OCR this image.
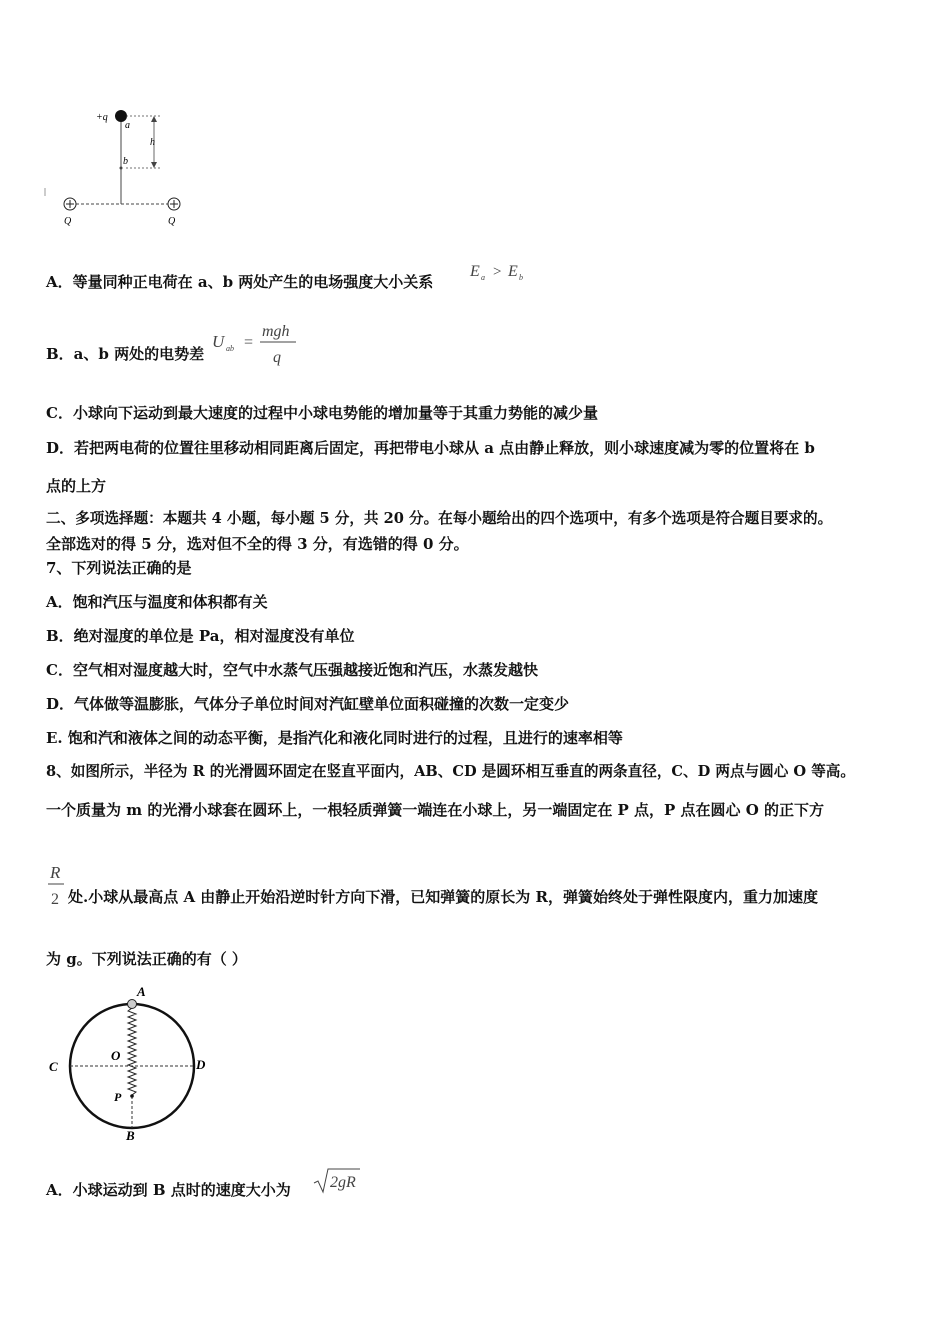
+q
a
b
h
Q	Q
A．等量同种正电荷在 a、b 两处产生的电场强度大小关系
E a > E b
B．a、b 两处的电势差
U ab =
mgh
q
C．小球向下运动到最大速度的过程中小球电势能的增加量等于其重力势能的减少量
D．若把两电荷的位置往里移动相同距离后固定，再把带电小球从 a 点由静止释放，则小球速度减为零的位置将在 b
点的上方
二、多项选择题：本题共 4 小题，每小题 5 分，共 20 分。在每小题给出的四个选项中，有多个选项是符合题目要求的。
全部选对的得 5 分，选对但不全的得 3 分，有选错的得 0 分。
7、下列说法正确的是
A．饱和汽压与温度和体积都有关
B．绝对湿度的单位是 Pa，相对湿度没有单位
C．空气相对湿度越大时，空气中水蒸气压强越接近饱和汽压，水蒸发越快
D．气体做等温膨胀，气体分子单位时间对汽缸壁单位面积碰撞的次数一定变少
E. 饱和汽和液体之间的动态平衡，是指汽化和液化同时进行的过程，且进行的速率相等
8、如图所示，半径为 R 的光滑圆环固定在竖直平面内，AB、CD 是圆环相互垂直的两条直径，C、D 两点与圆心 O 等高。
一个质量为 m 的光滑小球套在圆环上，一根轻质弹簧一端连在小球上，另一端固定在 P 点，P 点在圆心 O 的正下方
R
2 处.小球从最高点 A 由静止开始沿逆时针方向下滑，已知弹簧的原长为 R，弹簧始终处于弹性限度内，重力加速度
为 g。下列说法正确的有（ ）
A
B
C	D
O
P
A．小球运动到 B 点时的速度大小为 2gR
